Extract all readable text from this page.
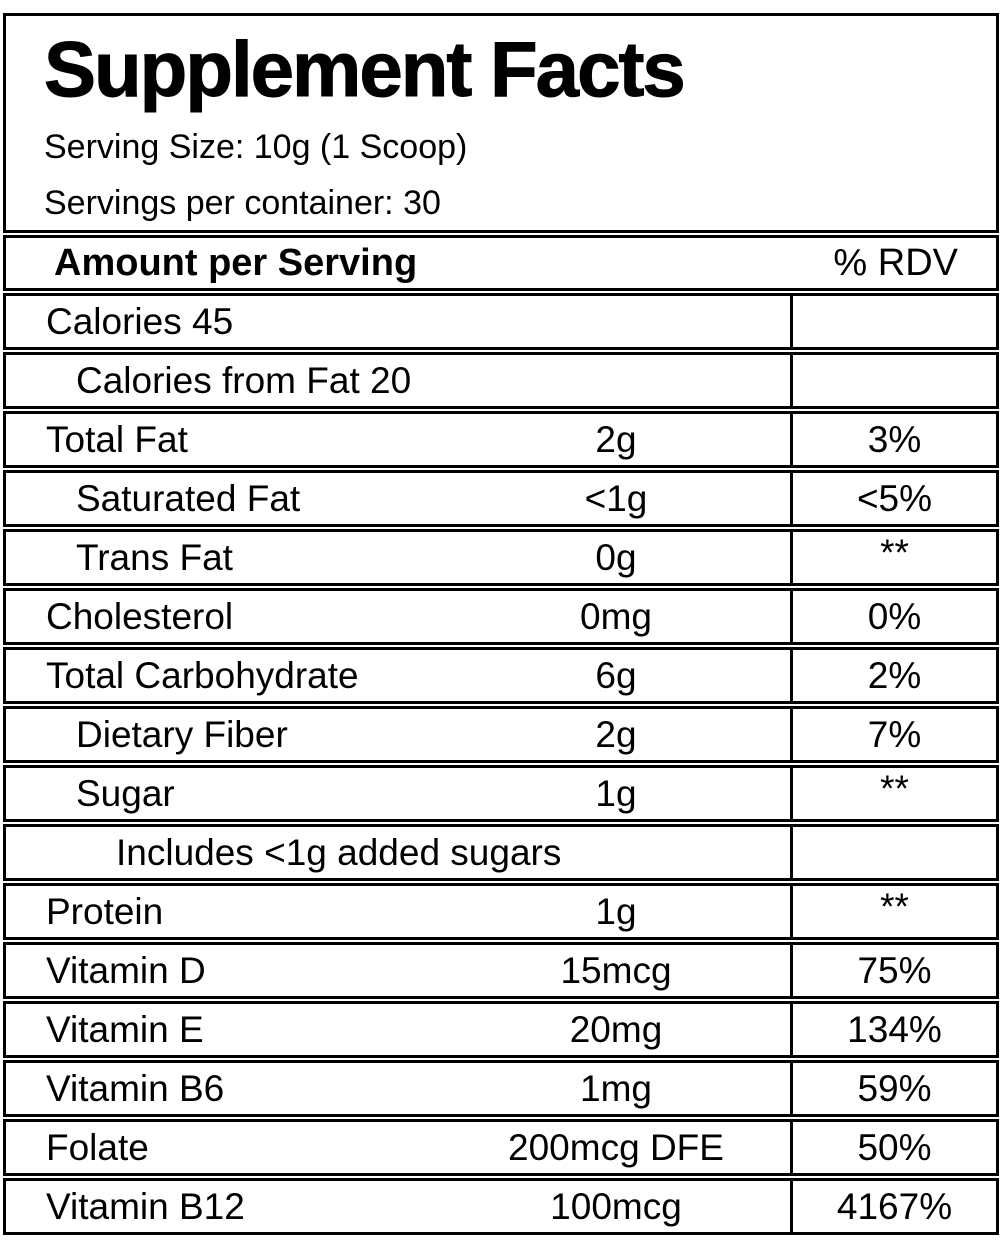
Supplement Facts
Serving Size: 10g (1 Scoop)
Servings per container: 30
Amount per Serving	% RDV
Calories 45
Calories from Fat 20
Total Fat	2g	3%
Saturated Fat	<1g	<5%
Trans Fat	0g	**
Cholesterol	0mg	0%
Total Carbohydrate	6g	2%
Dietary Fiber	2g	7%
Sugar	1g	**
Includes <1g added sugars
Protein	1g	**
Vitamin D	15mcg	75%
Vitamin E	20mg	134%
Vitamin B6	1mg	59%
Folate	200mcg DFE	50%
Vitamin B12	100mcg	4167%
